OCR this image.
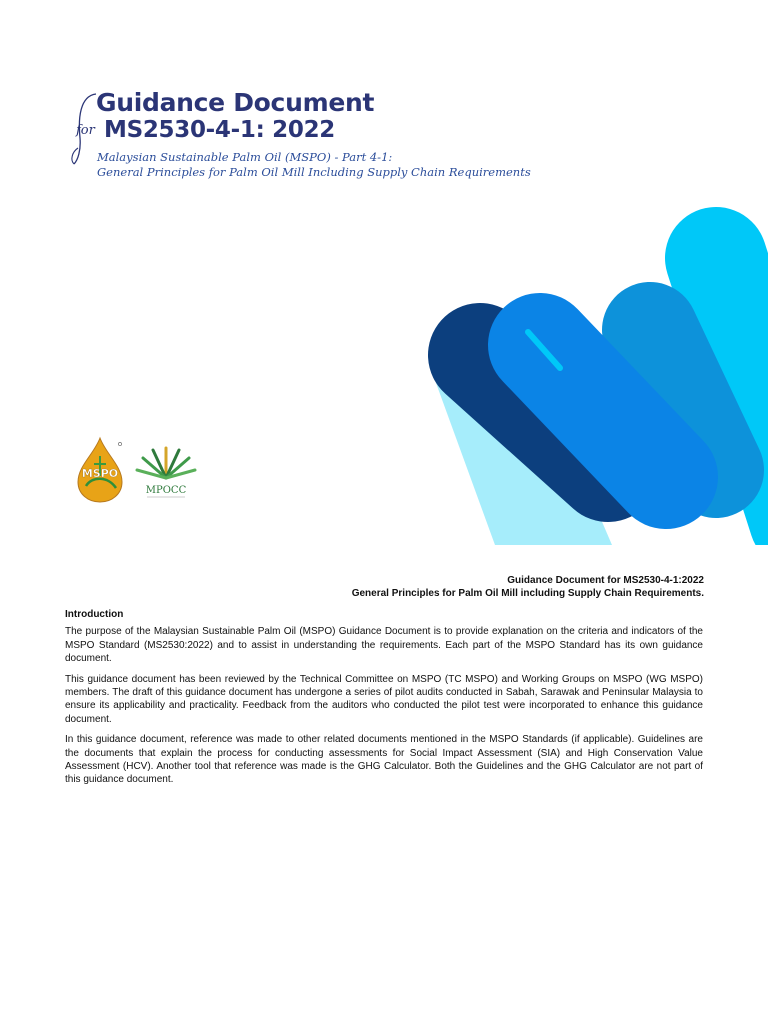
for
Guidance Document
MS2530-4-1: 2022

Malaysian Sustainable Palm Oil (MSPO) - Part 4-1:
General Principles for Palm Oil Mill Including Supply Chain Requirements

MSPO
MPOCC
Guidance Document for MS2530-4-1:2022
General Principles for Palm Oil Mill including Supply Chain Requirements.
Introduction

The purpose of the Malaysian Sustainable Palm Oil (MSPO) Guidance Document is to provide explanation on the criteria and indicators of the MSPO Standard (MS2530:2022) and to assist in understanding the requirements. Each part of the MSPO Standard has its own guidance document.

This guidance document has been reviewed by the Technical Committee on MSPO (TC MSPO) and Working Groups on MSPO (WG MSPO) members. The draft of this guidance document has undergone a series of pilot audits conducted in Sabah, Sarawak and Peninsular Malaysia to ensure its applicability and practicality. Feedback from the auditors who conducted the pilot test were incorporated to enhance this guidance document.

In this guidance document, reference was made to other related documents mentioned in the MSPO Standards (if applicable). Guidelines are the documents that explain the process for conducting assessments for Social Impact Assessment (SIA) and High Conservation Value Assessment (HCV). Another tool that reference was made is the GHG Calculator. Both the Guidelines and the GHG Calculator are not part of this guidance document.
